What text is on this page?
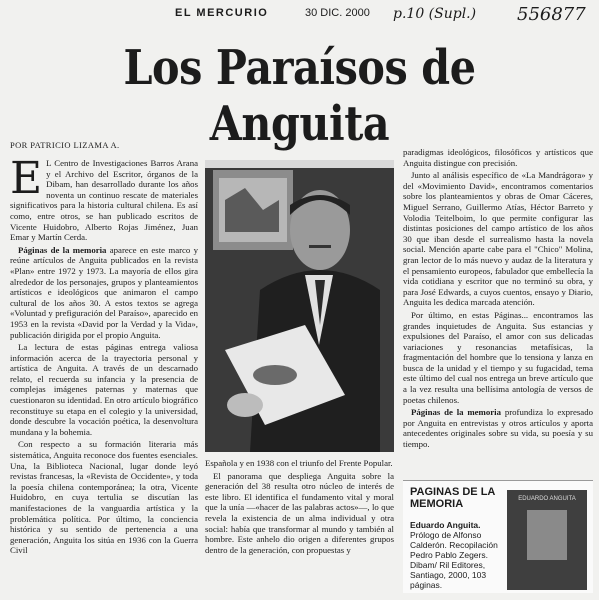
EL MERCURIO	30 DIC. 2000 p.10 (Supl.) 556877
Los Paraísos de Anguita
POR PATRICIO LIZAMA A.

E L Centro de Investigaciones Barros Arana y el Archivo del Escritor, órganos de la Dibam, han desarrollado durante los años noventa un continuo rescate de materiales significativos para la historia cultural chilena. Es así como, entre otros, se han publicado escritos de Vicente Huidobro, Alberto Rojas Jiménez, Juan Emar y Martín Cerda.

Páginas de la memoria aparece en este marco y reúne artículos de Anguita publicados en la revista «Plan» entre 1972 y 1973. La mayoría de ellos gira alrededor de los personajes, grupos y planteamientos artísticos e ideológicos que animaron el campo cultural de los años 30. A estos textos se agrega «Voluntad y prefiguración del Paraíso», aparecido en 1953 en la revista «David por la Verdad y la Vida», publicación dirigida por el propio Anguita.

La lectura de estas páginas entrega valiosa información acerca de la trayectoria personal y artística de Anguita. A través de un descarnado relato, el recuerda su infancia y la presencia de complejas imágenes paternas y maternas que cuestionaron su identidad. En otro artículo biográfico reconstituye su etapa en el colegio y la universidad, donde descubre la vocación poética, la desenvoltura mundana y la bohemia.

Con respecto a su formación literaria más sistemática, Anguita reconoce dos fuentes esenciales. Una, la Biblioteca Nacional, lugar donde leyó revistas francesas, la «Revista de Occidente», y toda la poesía chilena contemporánea; la otra, Vicente Huidobro, en cuya tertulia se discutían las manifestaciones de la vanguardia artística y la problemática política. Por último, la conciencia histórica y su sentido de pertenencia a una generación, Anguita los sitúa en 1936 con la Guerra Civil

Española y en 1938 con el triunfo del Frente Popular.

El panorama que despliega Anguita sobre la generación del 38 resulta otro núcleo de interés de este libro. El identifica el fundamento vital y moral que la unía —«hacer de las palabras actos»—, lo que revela la existencia de un alma individual y otra social: había que transformar al mundo y también al hombre. Este anhelo dio origen a diferentes grupos dentro de la generación, con propuestas y

paradigmas ideológicos, filosóficos y artísticos que Anguita distingue con precisión.

Junto al análisis específico de «La Mandrágora» y del «Movimiento David», encontramos comentarios sobre los planteamientos y obras de Omar Cáceres, Miguel Serrano, Guillermo Atías, Héctor Barreto y Volodia Teitelboim, lo que permite configurar las distintas posiciones del campo artístico de los años 30 que iban desde el surrealismo hasta la novela social. Mención aparte cabe para el "Chico" Molina, gran lector de lo más nuevo y audaz de la literatura y el pensamiento europeos, fabulador que embellecía la vida cotidiana y escritor que no terminó su obra, y para José Edwards, a cuyos cuentos, ensayo y Diario, Anguita les dedica marcada atención.

Por último, en estas Páginas... encontramos las grandes inquietudes de Anguita. Sus estancias y expulsiones del Paraíso, el amor con sus delicadas variaciones y resonancias metafísicas, la fragmentación del hombre que lo tensiona y lanza en busca de la unidad y el tiempo y su fugacidad, tema este último del cual nos entrega un breve artículo que a la vez resulta una bellísima antología de versos de poetas chilenos.

Páginas de la memoria profundiza lo expresado por Anguita en entrevistas y otros artículos y aporta antecedentes originales sobre su vida, su poesía y su tiempo.

PAGINAS DE LA MEMORIA
Eduardo Anguita.
Prólogo de Alfonso Calderón. Recopilación Pedro Pablo Zegers. Dibam/ Ril Editores, Santiago, 2000, 103 páginas.
EDUARDO ANGUITA
